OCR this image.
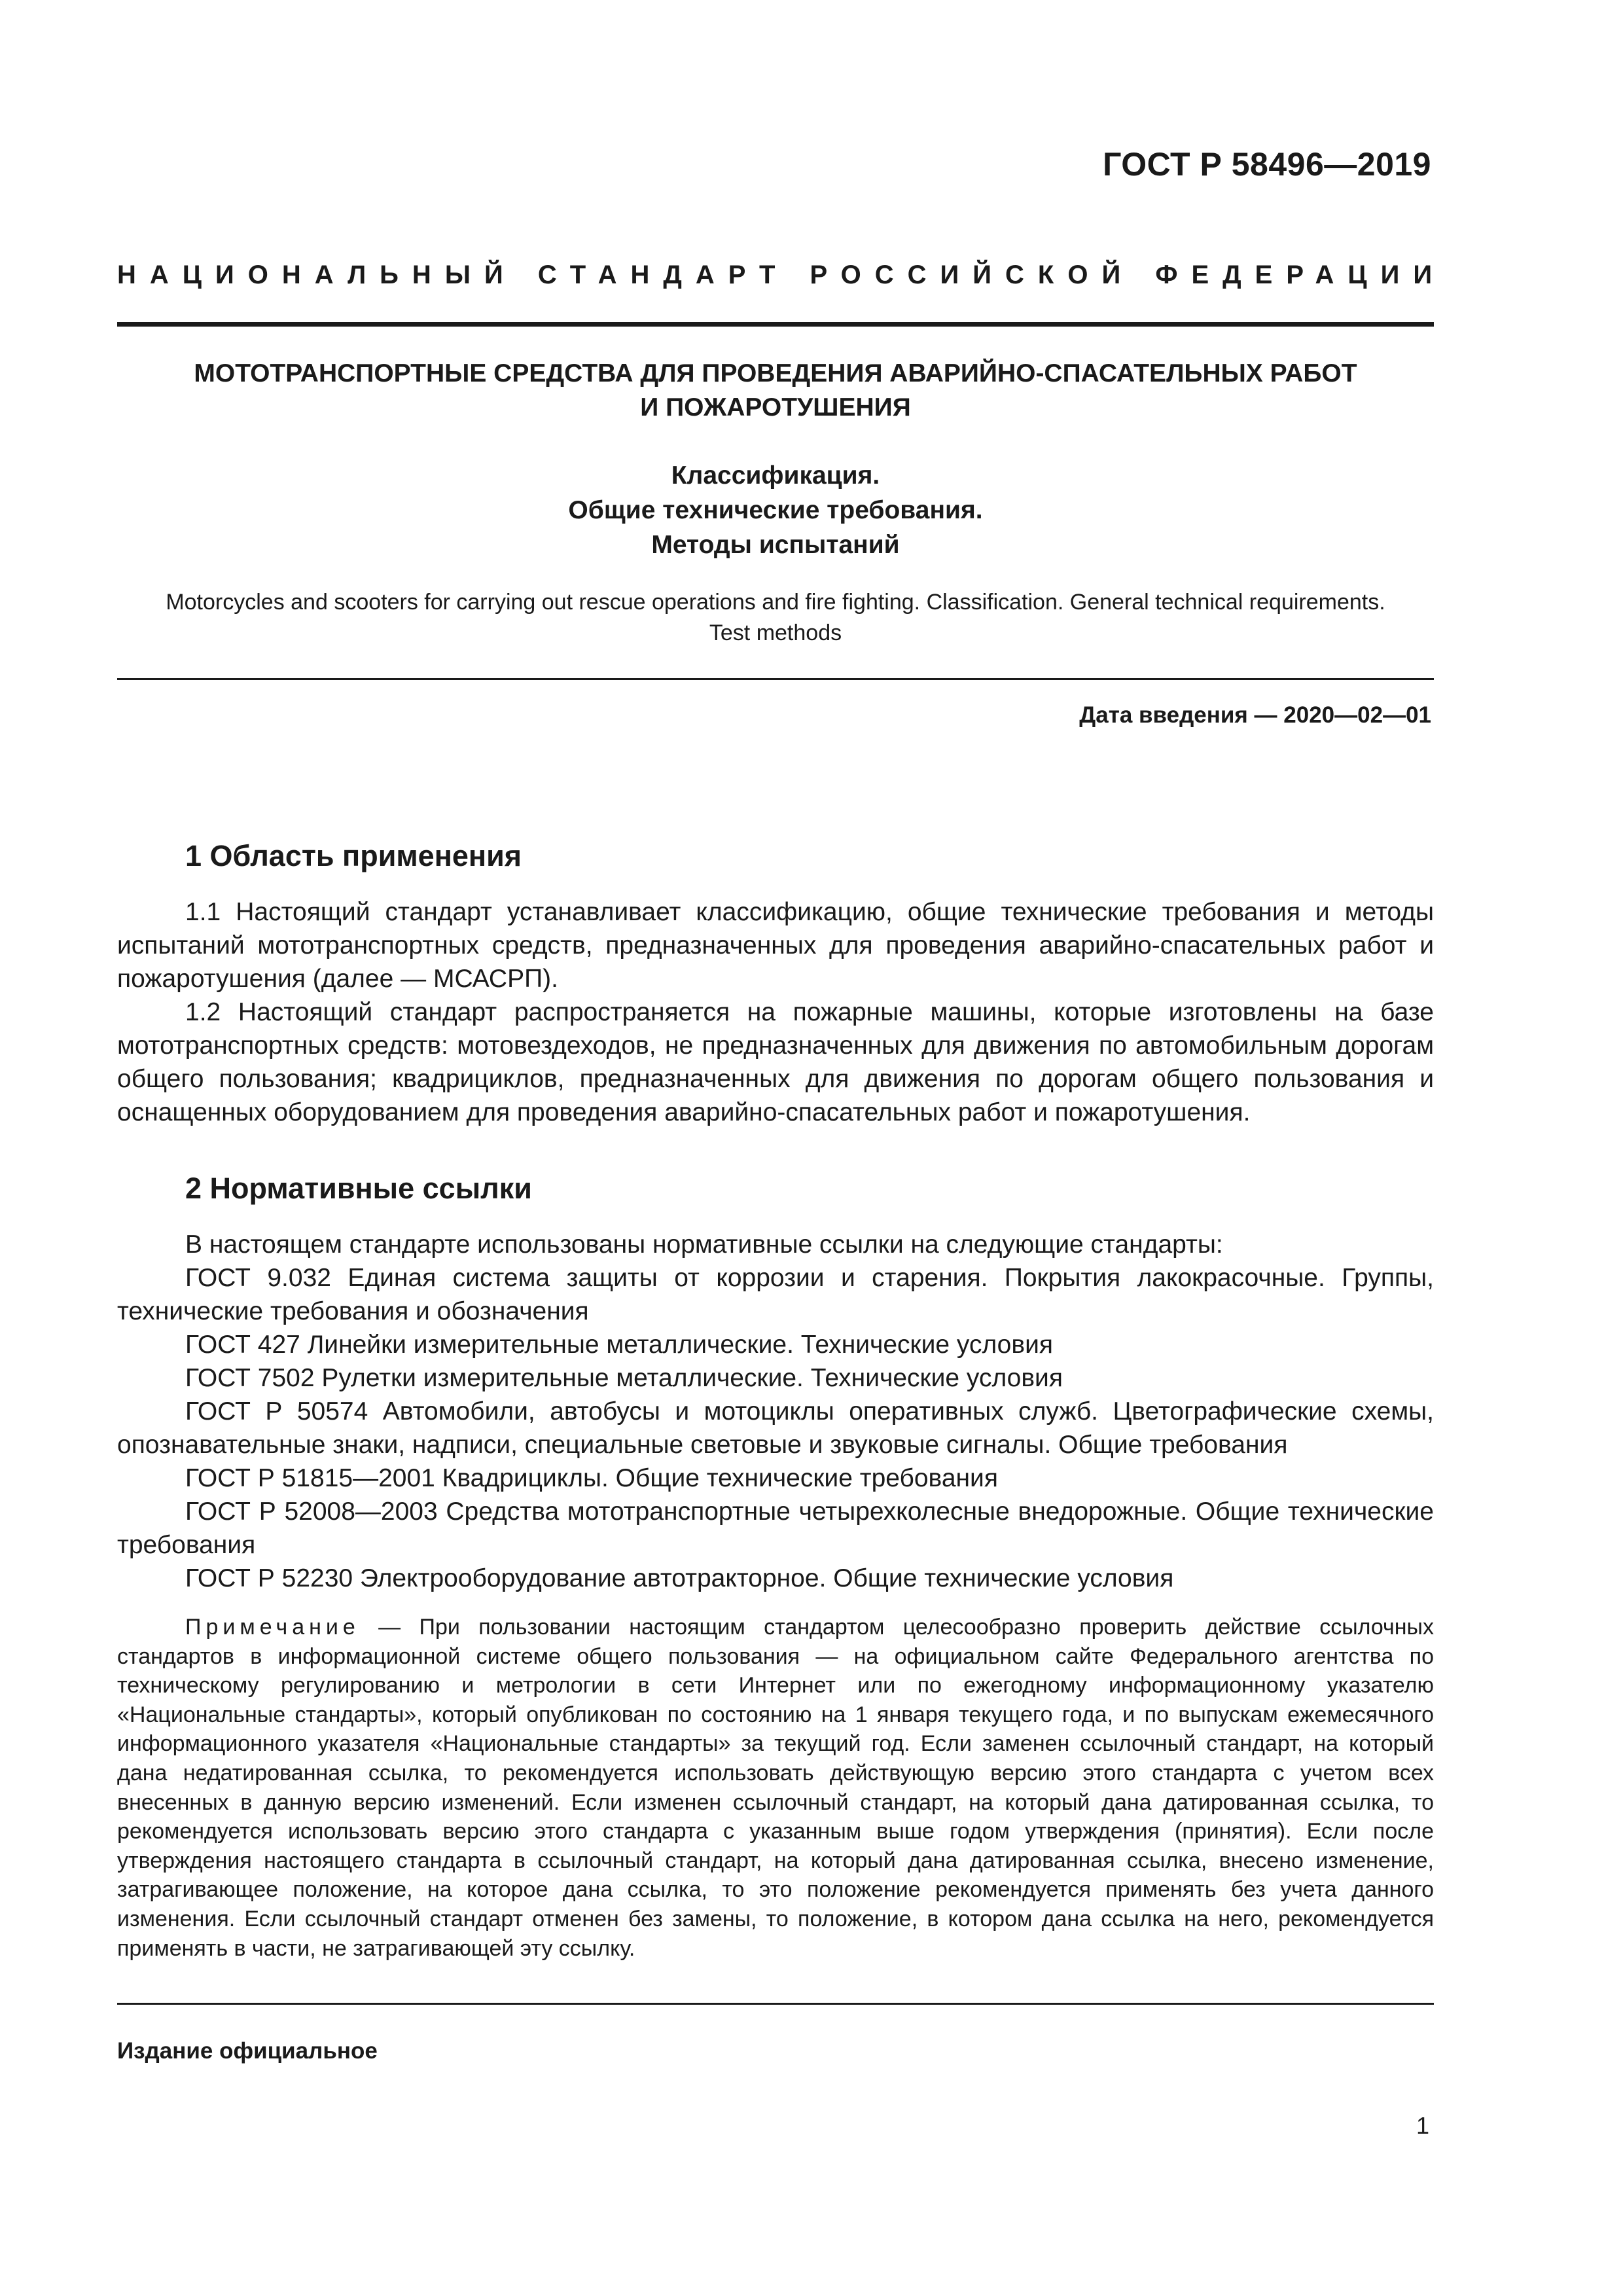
ГОСТ Р 58496—2019
НАЦИОНАЛЬНЫЙ СТАНДАРТ РОССИЙСКОЙ ФЕДЕРАЦИИ
МОТОТРАНСПОРТНЫЕ СРЕДСТВА ДЛЯ ПРОВЕДЕНИЯ АВАРИЙНО-СПАСАТЕЛЬНЫХ РАБОТ
И ПОЖАРОТУШЕНИЯ
Классификация.
Общие технические требования.
Методы испытаний
Motorcycles and scooters for carrying out rescue operations and fire fighting. Classification. General technical requirements. Test methods
Дата введения — 2020—02—01
1 Область применения

1.1 Настоящий стандарт устанавливает классификацию, общие технические требования и методы испытаний мототранспортных средств, предназначенных для проведения аварийно-спасательных работ и пожаротушения (далее — МСАСРП).

1.2 Настоящий стандарт распространяется на пожарные машины, которые изготовлены на базе мототранспортных средств: мотовездеходов, не предназначенных для движения по автомобильным дорогам общего пользования; квадрициклов, предназначенных для движения по дорогам общего пользования и оснащенных оборудованием для проведения аварийно-спасательных работ и пожаротушения.

2 Нормативные ссылки

В настоящем стандарте использованы нормативные ссылки на следующие стандарты:

ГОСТ 9.032 Единая система защиты от коррозии и старения. Покрытия лакокрасочные. Группы, технические требования и обозначения

ГОСТ 427 Линейки измерительные металлические. Технические условия

ГОСТ 7502 Рулетки измерительные металлические. Технические условия

ГОСТ Р 50574 Автомобили, автобусы и мотоциклы оперативных служб. Цветографические схемы, опознавательные знаки, надписи, специальные световые и звуковые сигналы. Общие требования

ГОСТ Р 51815—2001 Квадрициклы. Общие технические требования

ГОСТ Р 52008—2003 Средства мототранспортные четырехколесные внедорожные. Общие технические требования

ГОСТ Р 52230 Электрооборудование автотракторное. Общие технические условия

Примечание — При пользовании настоящим стандартом целесообразно проверить действие ссылочных стандартов в информационной системе общего пользования — на официальном сайте Федерального агентства по техническому регулированию и метрологии в сети Интернет или по ежегодному информационному указателю «Национальные стандарты», который опубликован по состоянию на 1 января текущего года, и по выпускам ежемесячного информационного указателя «Национальные стандарты» за текущий год. Если заменен ссылочный стандарт, на который дана недатированная ссылка, то рекомендуется использовать действующую версию этого стандарта с учетом всех внесенных в данную версию изменений. Если изменен ссылочный стандарт, на который дана датированная ссылка, то рекомендуется использовать версию этого стандарта с указанным выше годом утверждения (принятия). Если после утверждения настоящего стандарта в ссылочный стандарт, на который дана датированная ссылка, внесено изменение, затрагивающее положение, на которое дана ссылка, то это положение рекомендуется применять без учета данного изменения. Если ссылочный стандарт отменен без замены, то положение, в котором дана ссылка на него, рекомендуется применять в части, не затрагивающей эту ссылку.

Издание официальное
1
